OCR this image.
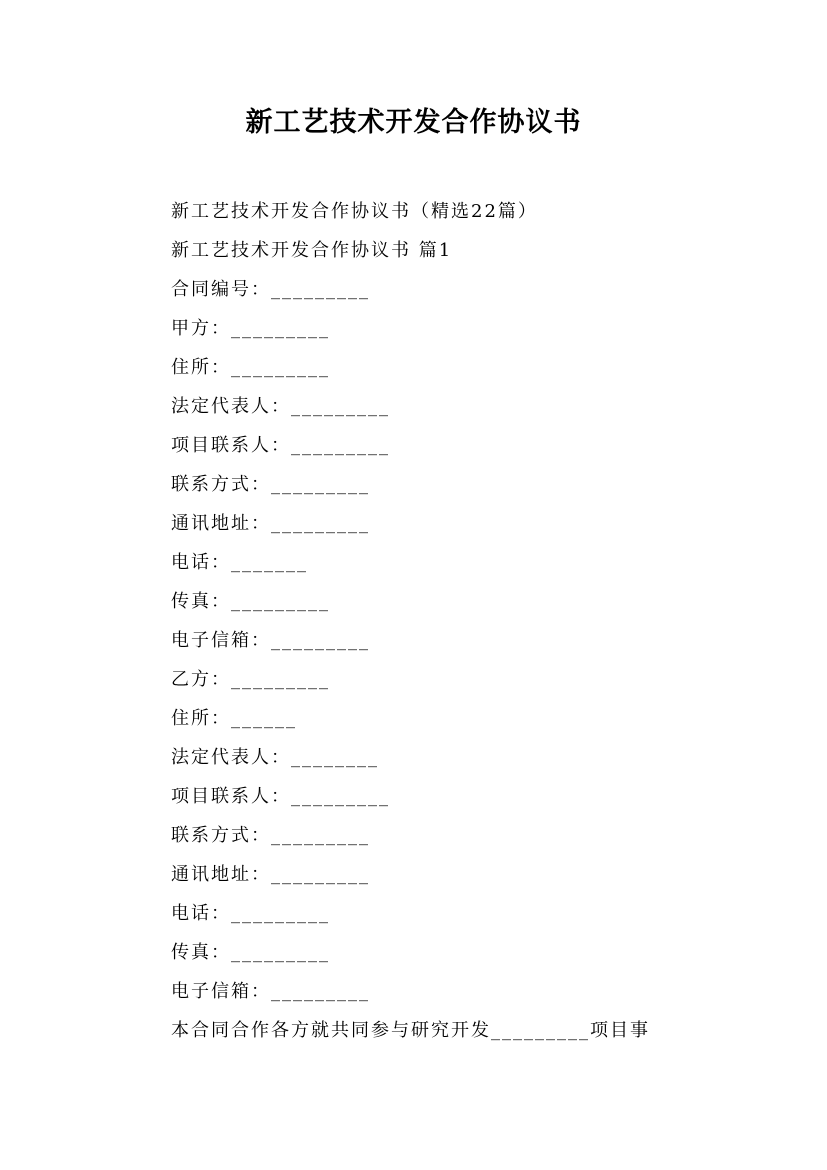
新工艺技术开发合作协议书
新工艺技术开发合作协议书（精选22篇）
新工艺技术开发合作协议书 篇1
合同编号：_________
甲方：_________
住所：_________
法定代表人：_________
项目联系人：_________
联系方式：_________
通讯地址：_________
电话：_______
传真：_________
电子信箱：_________
乙方：_________
住所：______
法定代表人：________
项目联系人：_________
联系方式：_________
通讯地址：_________
电话：_________
传真：_________
电子信箱：_________
本合同合作各方就共同参与研究开发_________项目事
